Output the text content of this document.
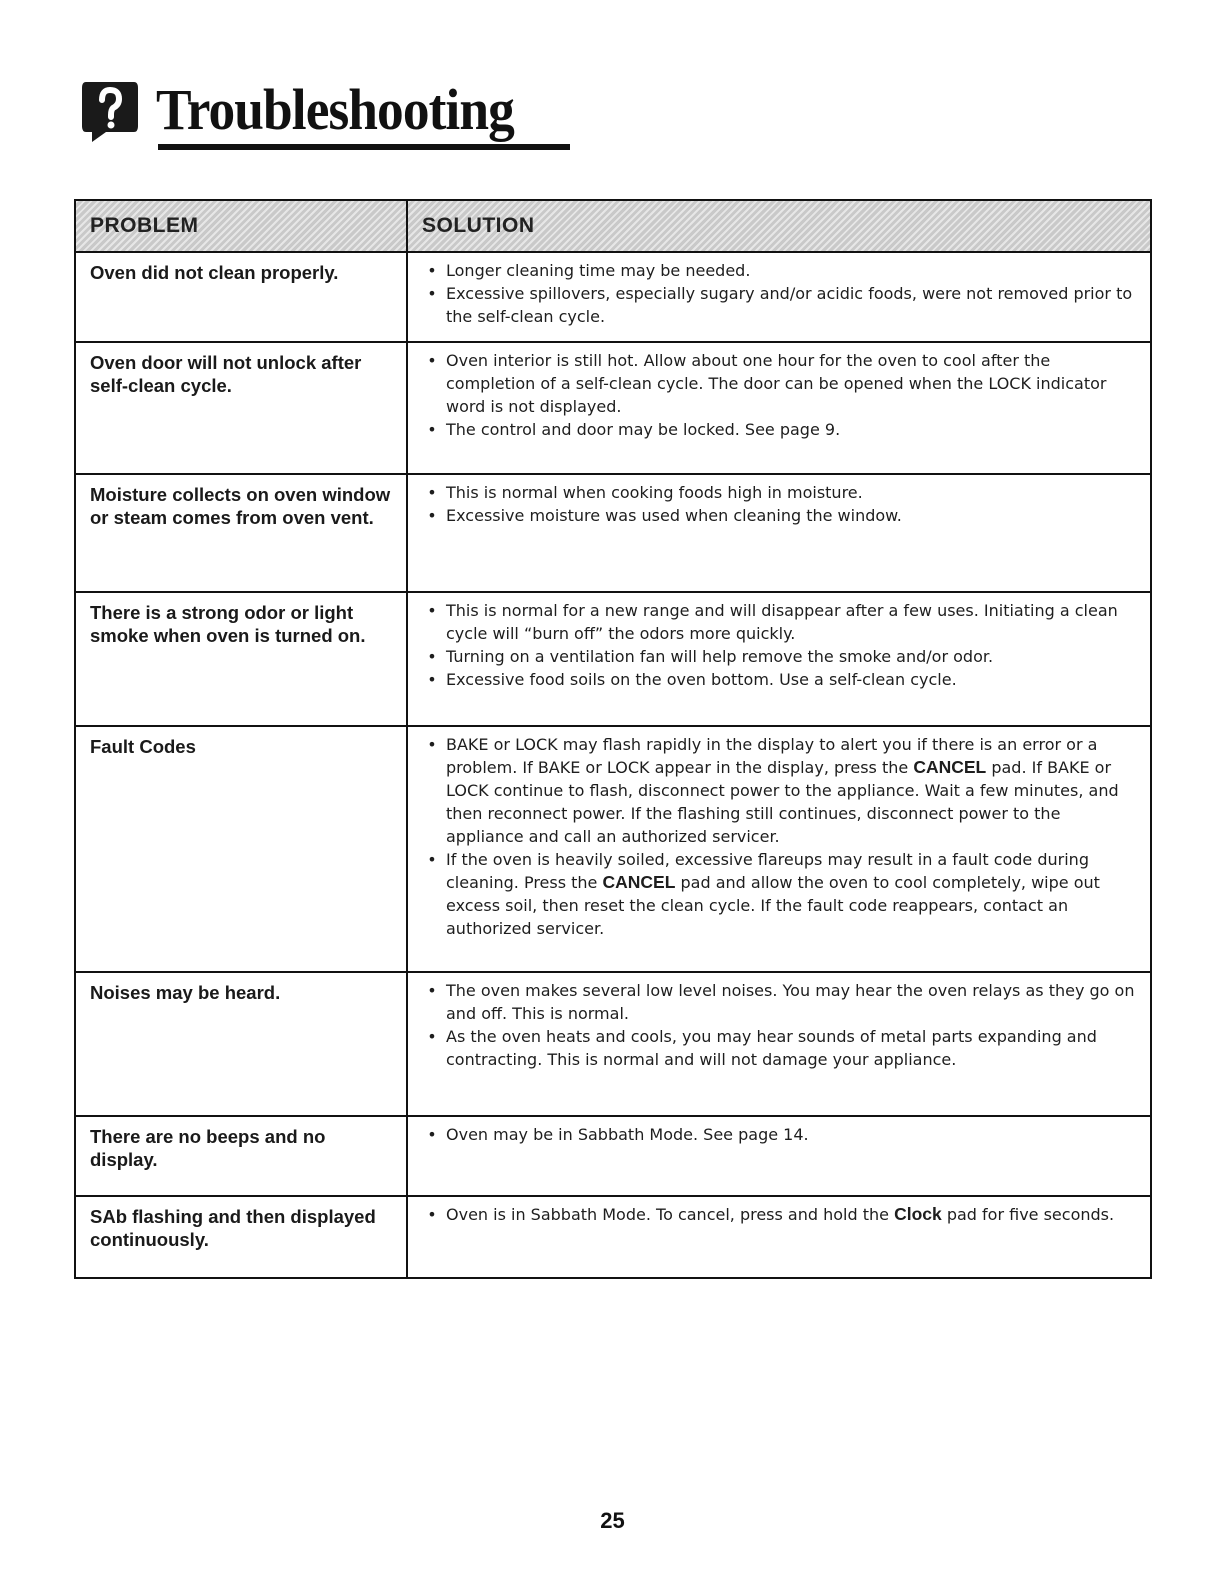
Troubleshooting
PROBLEM	SOLUTION
Oven did not clean properly.	• Longer cleaning time may be needed.
• Excessive spillovers, especially sugary and/or acidic foods, were not removed prior to the self-clean cycle.
Oven door will not unlock after self-clean cycle.
• Oven interior is still hot. Allow about one hour for the oven to cool after the completion of a self-clean cycle. The door can be opened when the LOCK indicator word is not displayed.
• The control and door may be locked. See page 9.
Moisture collects on oven window or steam comes from oven vent.
• This is normal when cooking foods high in moisture.
• Excessive moisture was used when cleaning the window.
There is a strong odor or light smoke when oven is turned on.
• This is normal for a new range and will disappear after a few uses. Initiating a clean cycle will “burn off” the odors more quickly.
• Turning on a ventilation fan will help remove the smoke and/or odor.
• Excessive food soils on the oven bottom. Use a self-clean cycle.
Fault Codes	• BAKE or LOCK may flash rapidly in the display to alert you if there is an error or a problem. If BAKE or LOCK appear in the display, press the CANCEL pad. If BAKE or LOCK continue to flash, disconnect power to the appliance. Wait a few minutes, and then reconnect power. If the flashing still continues, disconnect power to the appliance and call an authorized servicer.
• If the oven is heavily soiled, excessive flareups may result in a fault code during cleaning. Press the CANCEL pad and allow the oven to cool completely, wipe out excess soil, then reset the clean cycle. If the fault code reappears, contact an authorized servicer.
Noises may be heard.	• The oven makes several low level noises. You may hear the oven relays as they go on and off. This is normal.
• As the oven heats and cools, you may hear sounds of metal parts expanding and contracting. This is normal and will not damage your appliance.
There are no beeps and no display.
• Oven may be in Sabbath Mode. See page 14.
SAb flashing and then displayed continuously.
• Oven is in Sabbath Mode. To cancel, press and hold the Clock pad for five seconds.
25
